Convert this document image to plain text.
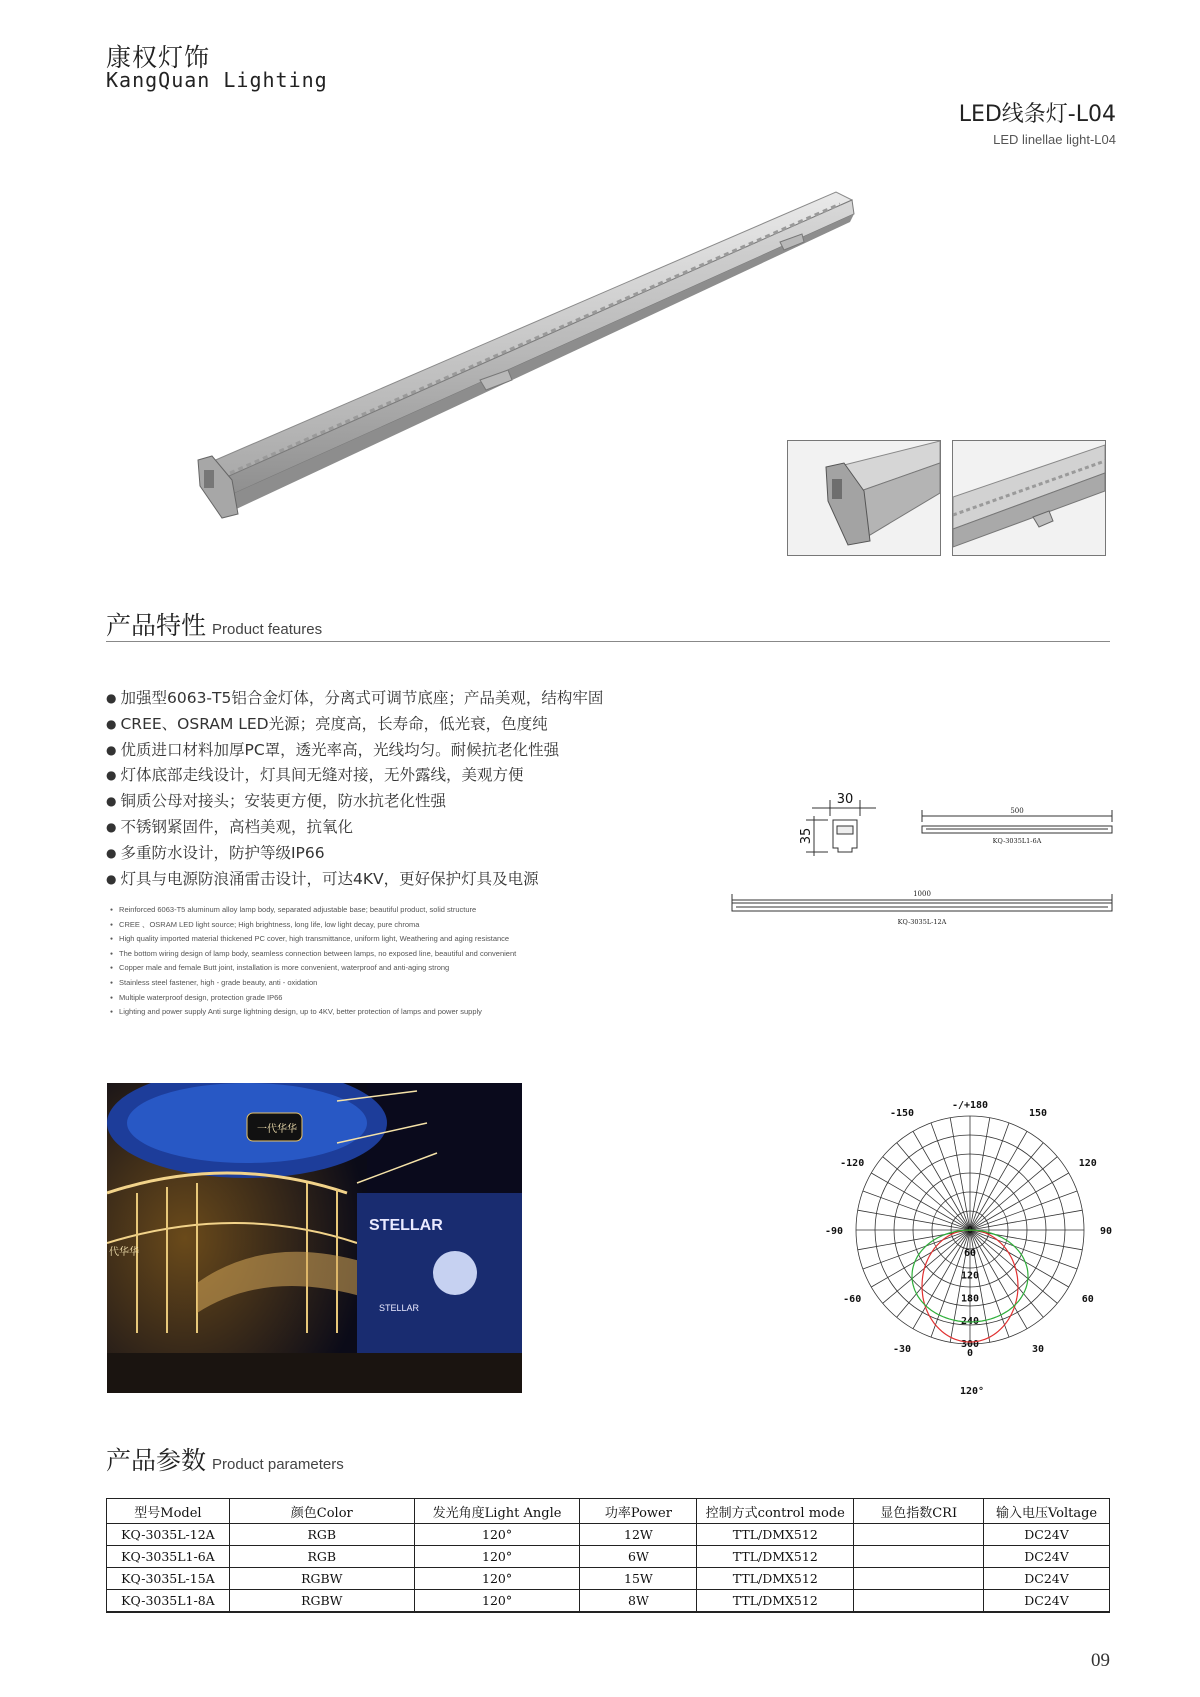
康权灯饰
KangQuan Lighting
LED线条灯-L04
LED linellae light-L04
产品特性 Product features
● 加强型6063-T5铝合金灯体，分离式可调节底座；产品美观，结构牢固
● CREE、OSRAM LED光源；亮度高，长寿命，低光衰，色度纯
● 优质进口材料加厚PC罩，透光率高，光线均匀。耐候抗老化性强
● 灯体底部走线设计，灯具间无缝对接，无外露线，美观方便
● 铜质公母对接头；安装更方便，防水抗老化性强
● 不锈钢紧固件，高档美观，抗氧化
● 多重防水设计，防护等级IP66
● 灯具与电源防浪涌雷击设计，可达4KV，更好保护灯具及电源
● Reinforced 6063-T5 aluminum alloy lamp body, separated adjustable base; beautiful product, solid structure
● CREE 、OSRAM LED light source; High brightness, long life, low light decay, pure chroma
● High quality imported material thickened PC cover, high transmittance, uniform light, Weathering and aging resistance
● The bottom wiring design of lamp body, seamless connection between lamps, no exposed line, beautiful and convenient
● Copper male and female Butt joint, installation is more convenient, waterproof and anti-aging strong
● Stainless steel fastener, high - grade beauty, anti - oxidation
● Multiple waterproof design, protection grade IP66
● Lighting and power supply Anti surge lightning design, up to 4KV, better protection of lamps and power supply
30
35
500
KQ-3035L1-6A
1000
KQ-3035L-12A
STELLAR
STELLAR
一代华华
代华华
-/+180
-150	150
-120	120
-90	90
-60	60
-30	30
0
0
60
120
180
240
300
120°
产品参数 Product parameters
型号Model	颜色Color	发光角度Light Angle	功率Power	控制方式control mode	显色指数CRI	输入电压Voltage
KQ-3035L-12A	RGB	120°	12W	TTL/DMX512		DC24V
KQ-3035L1-6A	RGB	120°	6W	TTL/DMX512		DC24V
KQ-3035L-15A	RGBW	120°	15W	TTL/DMX512		DC24V
KQ-3035L1-8A	RGBW	120°	8W	TTL/DMX512		DC24V
09
